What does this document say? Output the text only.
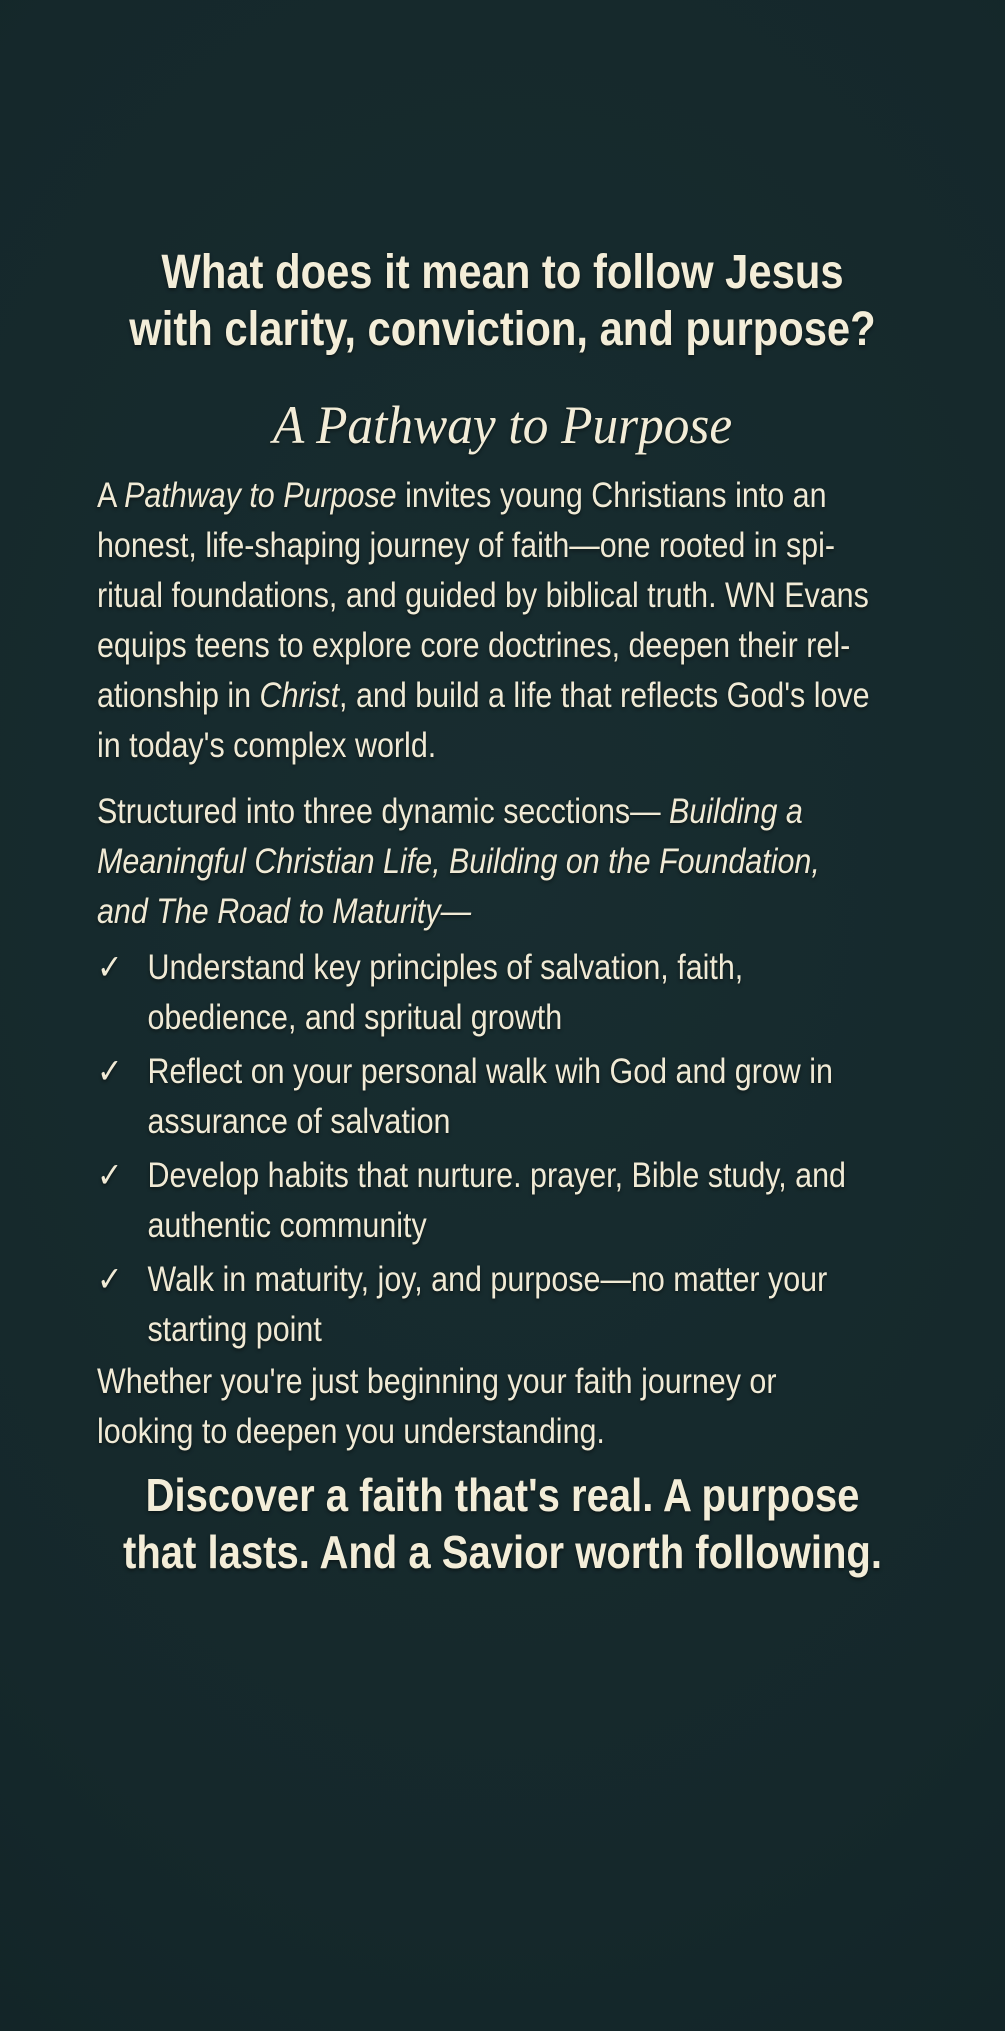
What does it mean to follow Jesus
with clarity, conviction, and purpose?
A Pathway to Purpose
A Pathway to Purpose invites young Christians into an
honest, life-shaping journey of faith—one rooted in spi-
ritual foundations, and guided by biblical truth. WN Evans
equips teens to explore core doctrines, deepen their rel-
ationship in Christ, and build a life that reflects God's love
in today's complex world.
Structured into three dynamic secctions— Building a
Meaningful Christian Life, Building on the Foundation,
and The Road to Maturity—
✓ Understand key principles of salvation, faith,
obedience, and spritual growth
✓ Reflect on your personal walk wih God and grow in
assurance of salvation
✓ Develop habits that nurture. prayer, Bible study, and
authentic community
✓ Walk in maturity, joy, and purpose—no matter your
starting point
Whether you're just beginning your faith journey or
looking to deepen you understanding.
Discover a faith that's real. A purpose
that lasts. And a Savior worth following.
